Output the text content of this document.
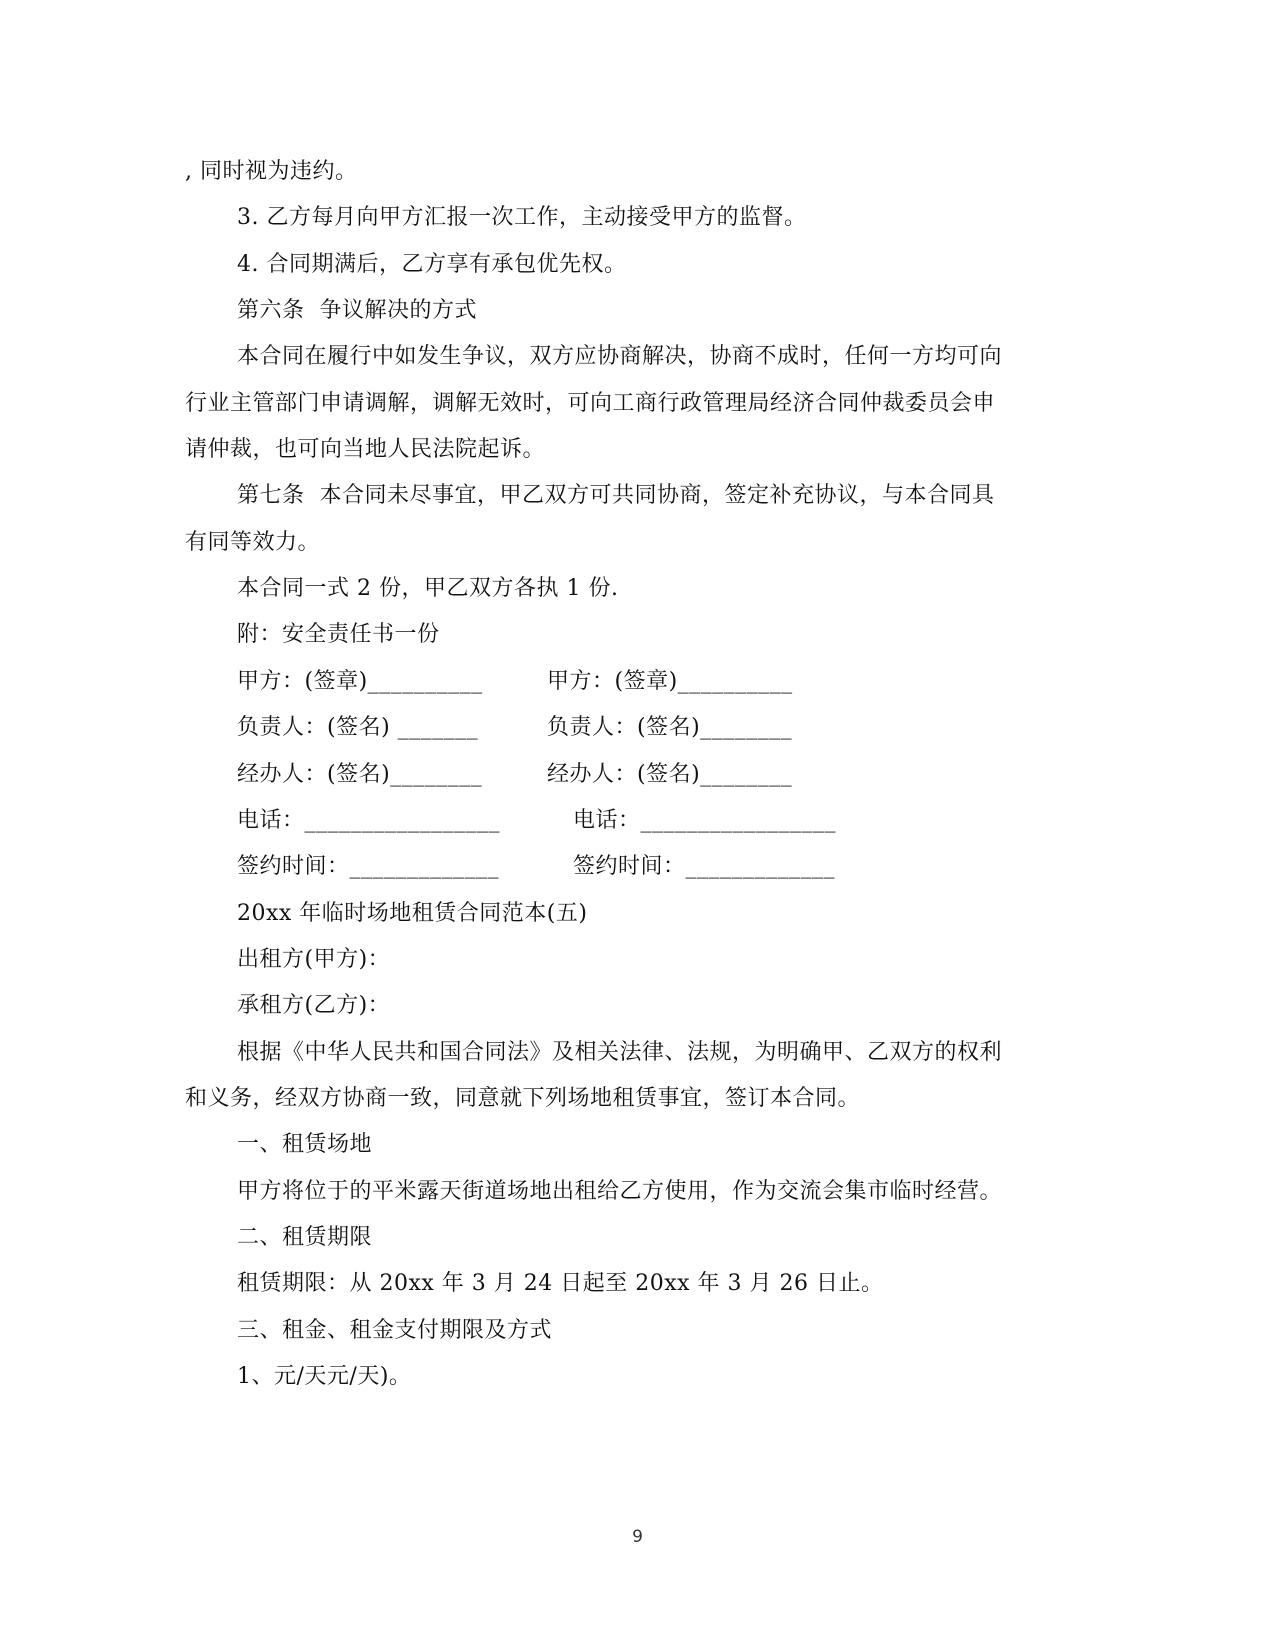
, 同时视为违约。
3. 乙方每月向甲方汇报一次工作，主动接受甲方的监督。
4. 合同期满后，乙方享有承包优先权。
第六条  争议解决的方式
本合同在履行中如发生争议，双方应协商解决，协商不成时，任何一方均可向
行业主管部门申请调解，调解无效时，可向工商行政管理局经济合同仲裁委员会申
请仲裁，也可向当地人民法院起诉。
第七条  本合同未尽事宜，甲乙双方可共同协商，签定补充协议，与本合同具
有同等效力。
本合同一式 2 份，甲乙双方各执 1 份.
附：安全责任书一份
甲方：(签章)__________	甲方：(签章)__________
负责人：(签名) _______	负责人：(签名)________
经办人：(签名)________	经办人：(签名)________
电话：_________________	电话：_________________
签约时间：_____________	签约时间：_____________
20xx 年临时场地租赁合同范本(五)
出租方(甲方)：
承租方(乙方)：
根据《中华人民共和国合同法》及相关法律、法规，为明确甲、乙双方的权利
和义务，经双方协商一致，同意就下列场地租赁事宜，签订本合同。
一、租赁场地
甲方将位于的平米露天街道场地出租给乙方使用，作为交流会集市临时经营。
二、租赁期限
租赁期限：从 20xx 年 3 月 24 日起至 20xx 年 3 月 26 日止。
三、租金、租金支付期限及方式
1、元/天元/天)。
9
